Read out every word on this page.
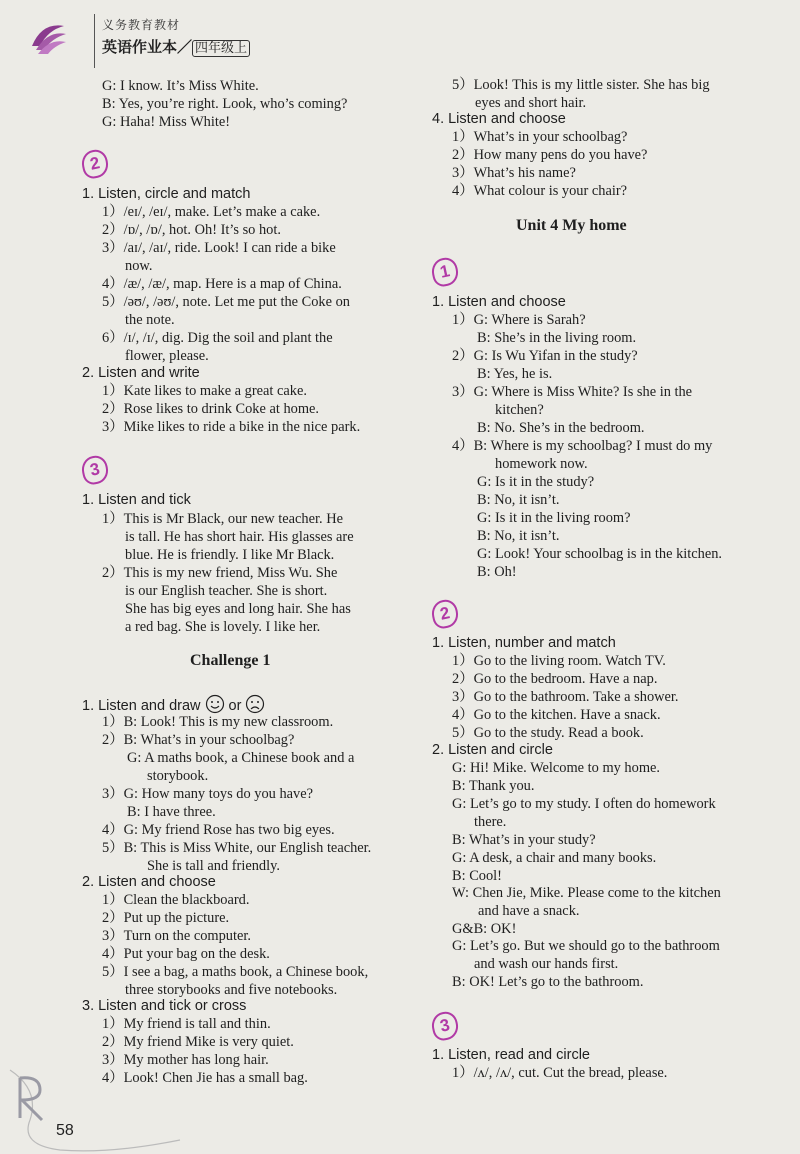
义务教育教材
英语作业本／ 四年级上
G: I know. It’s Miss White.
B: Yes, you’re right. Look, who’s coming?
G: Haha! Miss White!
1. Listen, circle and match
1）/eɪ/, /eɪ/, make. Let’s make a cake.
2）/ɒ/, /ɒ/, hot. Oh! It’s so hot.
3）/aɪ/, /aɪ/, ride. Look! I can ride a bike
now.
4）/æ/, /æ/, map. Here is a map of China.
5）/əʊ/, /əʊ/, note. Let me put the Coke on
the note.
6）/ɪ/, /ɪ/, dig. Dig the soil and plant the
flower, please.
2. Listen and write
1）Kate likes to make a great cake.
2）Rose likes to drink Coke at home.
3）Mike likes to ride a bike in the nice park.
1. Listen and tick
1）This is Mr Black, our new teacher. He
is tall. He has short hair. His glasses are
blue. He is friendly. I like Mr Black.
2）This is my new friend, Miss Wu. She
is our English teacher. She is short.
She has big eyes and long hair. She has
a red bag. She is lovely. I like her.
Challenge 1
1. Listen and draw  or
1）B: Look! This is my new classroom.
2）B: What’s in your schoolbag?
G: A maths book, a Chinese book and a
storybook.
3）G: How many toys do you have?
B: I have three.
4）G: My friend Rose has two big eyes.
5）B: This is Miss White, our English teacher.
She is tall and friendly.
2. Listen and choose
1）Clean the blackboard.
2）Put up the picture.
3）Turn on the computer.
4）Put your bag on the desk.
5）I see a bag, a maths book, a Chinese book,
three storybooks and five notebooks.
3. Listen and tick or cross
1）My friend is tall and thin.
2）My friend Mike is very quiet.
3）My mother has long hair.
4）Look! Chen Jie has a small bag.
5）Look! This is my little sister. She has big
eyes and short hair.
4. Listen and choose
1）What’s in your schoolbag?
2）How many pens do you have?
3）What’s his name?
4）What colour is your chair?
Unit 4 My home
1. Listen and choose
1）G: Where is Sarah?
B: She’s in the living room.
2）G: Is Wu Yifan in the study?
B: Yes, he is.
3）G: Where is Miss White? Is she in the
kitchen?
B: No. She’s in the bedroom.
4）B: Where is my schoolbag? I must do my
homework now.
G: Is it in the study?
B: No, it isn’t.
G: Is it in the living room?
B: No, it isn’t.
G: Look! Your schoolbag is in the kitchen.
B: Oh!
1. Listen, number and match
1）Go to the living room. Watch TV.
2）Go to the bedroom. Have a nap.
3）Go to the bathroom. Take a shower.
4）Go to the kitchen. Have a snack.
5）Go to the study. Read a book.
2. Listen and circle
G: Hi! Mike. Welcome to my home.
B: Thank you.
G: Let’s go to my study. I often do homework
there.
B: What’s in your study?
G: A desk, a chair and many books.
B: Cool!
W: Chen Jie, Mike. Please come to the kitchen
and have a snack.
G&B: OK!
G: Let’s go. But we should go to the bathroom
and wash our hands first.
B: OK! Let’s go to the bathroom.
1. Listen, read and circle
1）/ʌ/, /ʌ/, cut. Cut the bread, please.
2
3
1
2
3
58
